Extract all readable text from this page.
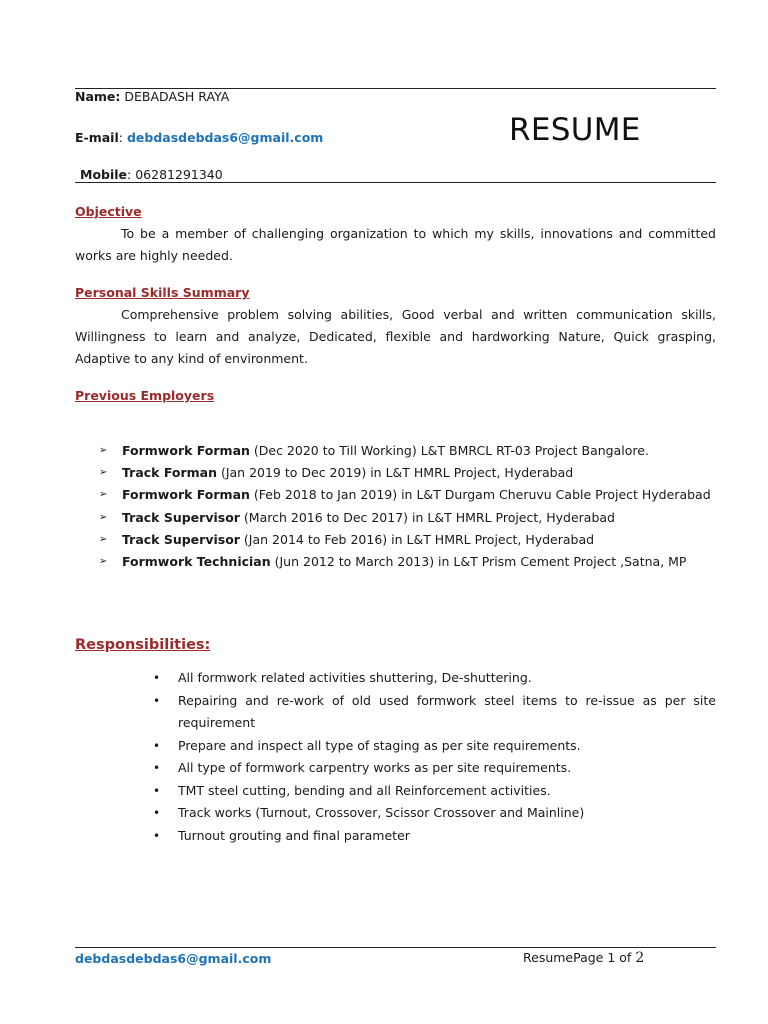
Name: DEBADASH RAYA
E-mail: debdasdebdas6@gmail.com	RESUME
Mobile: 06281291340
Objective
To be a member of challenging organization to which my skills, innovations and committed works are highly needed.
Personal Skills Summary
Comprehensive problem solving abilities, Good verbal and written communication skills, Willingness to learn and analyze, Dedicated, flexible and hardworking Nature, Quick grasping, Adaptive to any kind of environment.
Previous Employers
➢ Formwork Forman (Dec 2020 to Till Working) L&T BMRCL RT-03 Project Bangalore.
➢ Track Forman (Jan 2019 to Dec 2019) in L&T HMRL Project, Hyderabad
➢ Formwork Forman (Feb 2018 to Jan 2019) in L&T Durgam Cheruvu Cable Project Hyderabad
➢ Track Supervisor (March 2016 to Dec 2017) in L&T HMRL Project, Hyderabad
➢ Track Supervisor (Jan 2014 to Feb 2016) in L&T HMRL Project, Hyderabad
➢ Formwork Technician (Jun 2012 to March 2013) in L&T Prism Cement Project ,Satna, MP
Responsibilities:
• All formwork related activities shuttering, De-shuttering.
• Repairing and re-work of old used formwork steel items to re-issue as per site requirement
• Prepare and inspect all type of staging as per site requirements.
• All type of formwork carpentry works as per site requirements.
• TMT steel cutting, bending and all Reinforcement activities.
• Track works (Turnout, Crossover, Scissor Crossover and Mainline)
• Turnout grouting and final parameter
debdasdebdas6@gmail.com	ResumePage 1 of 2
